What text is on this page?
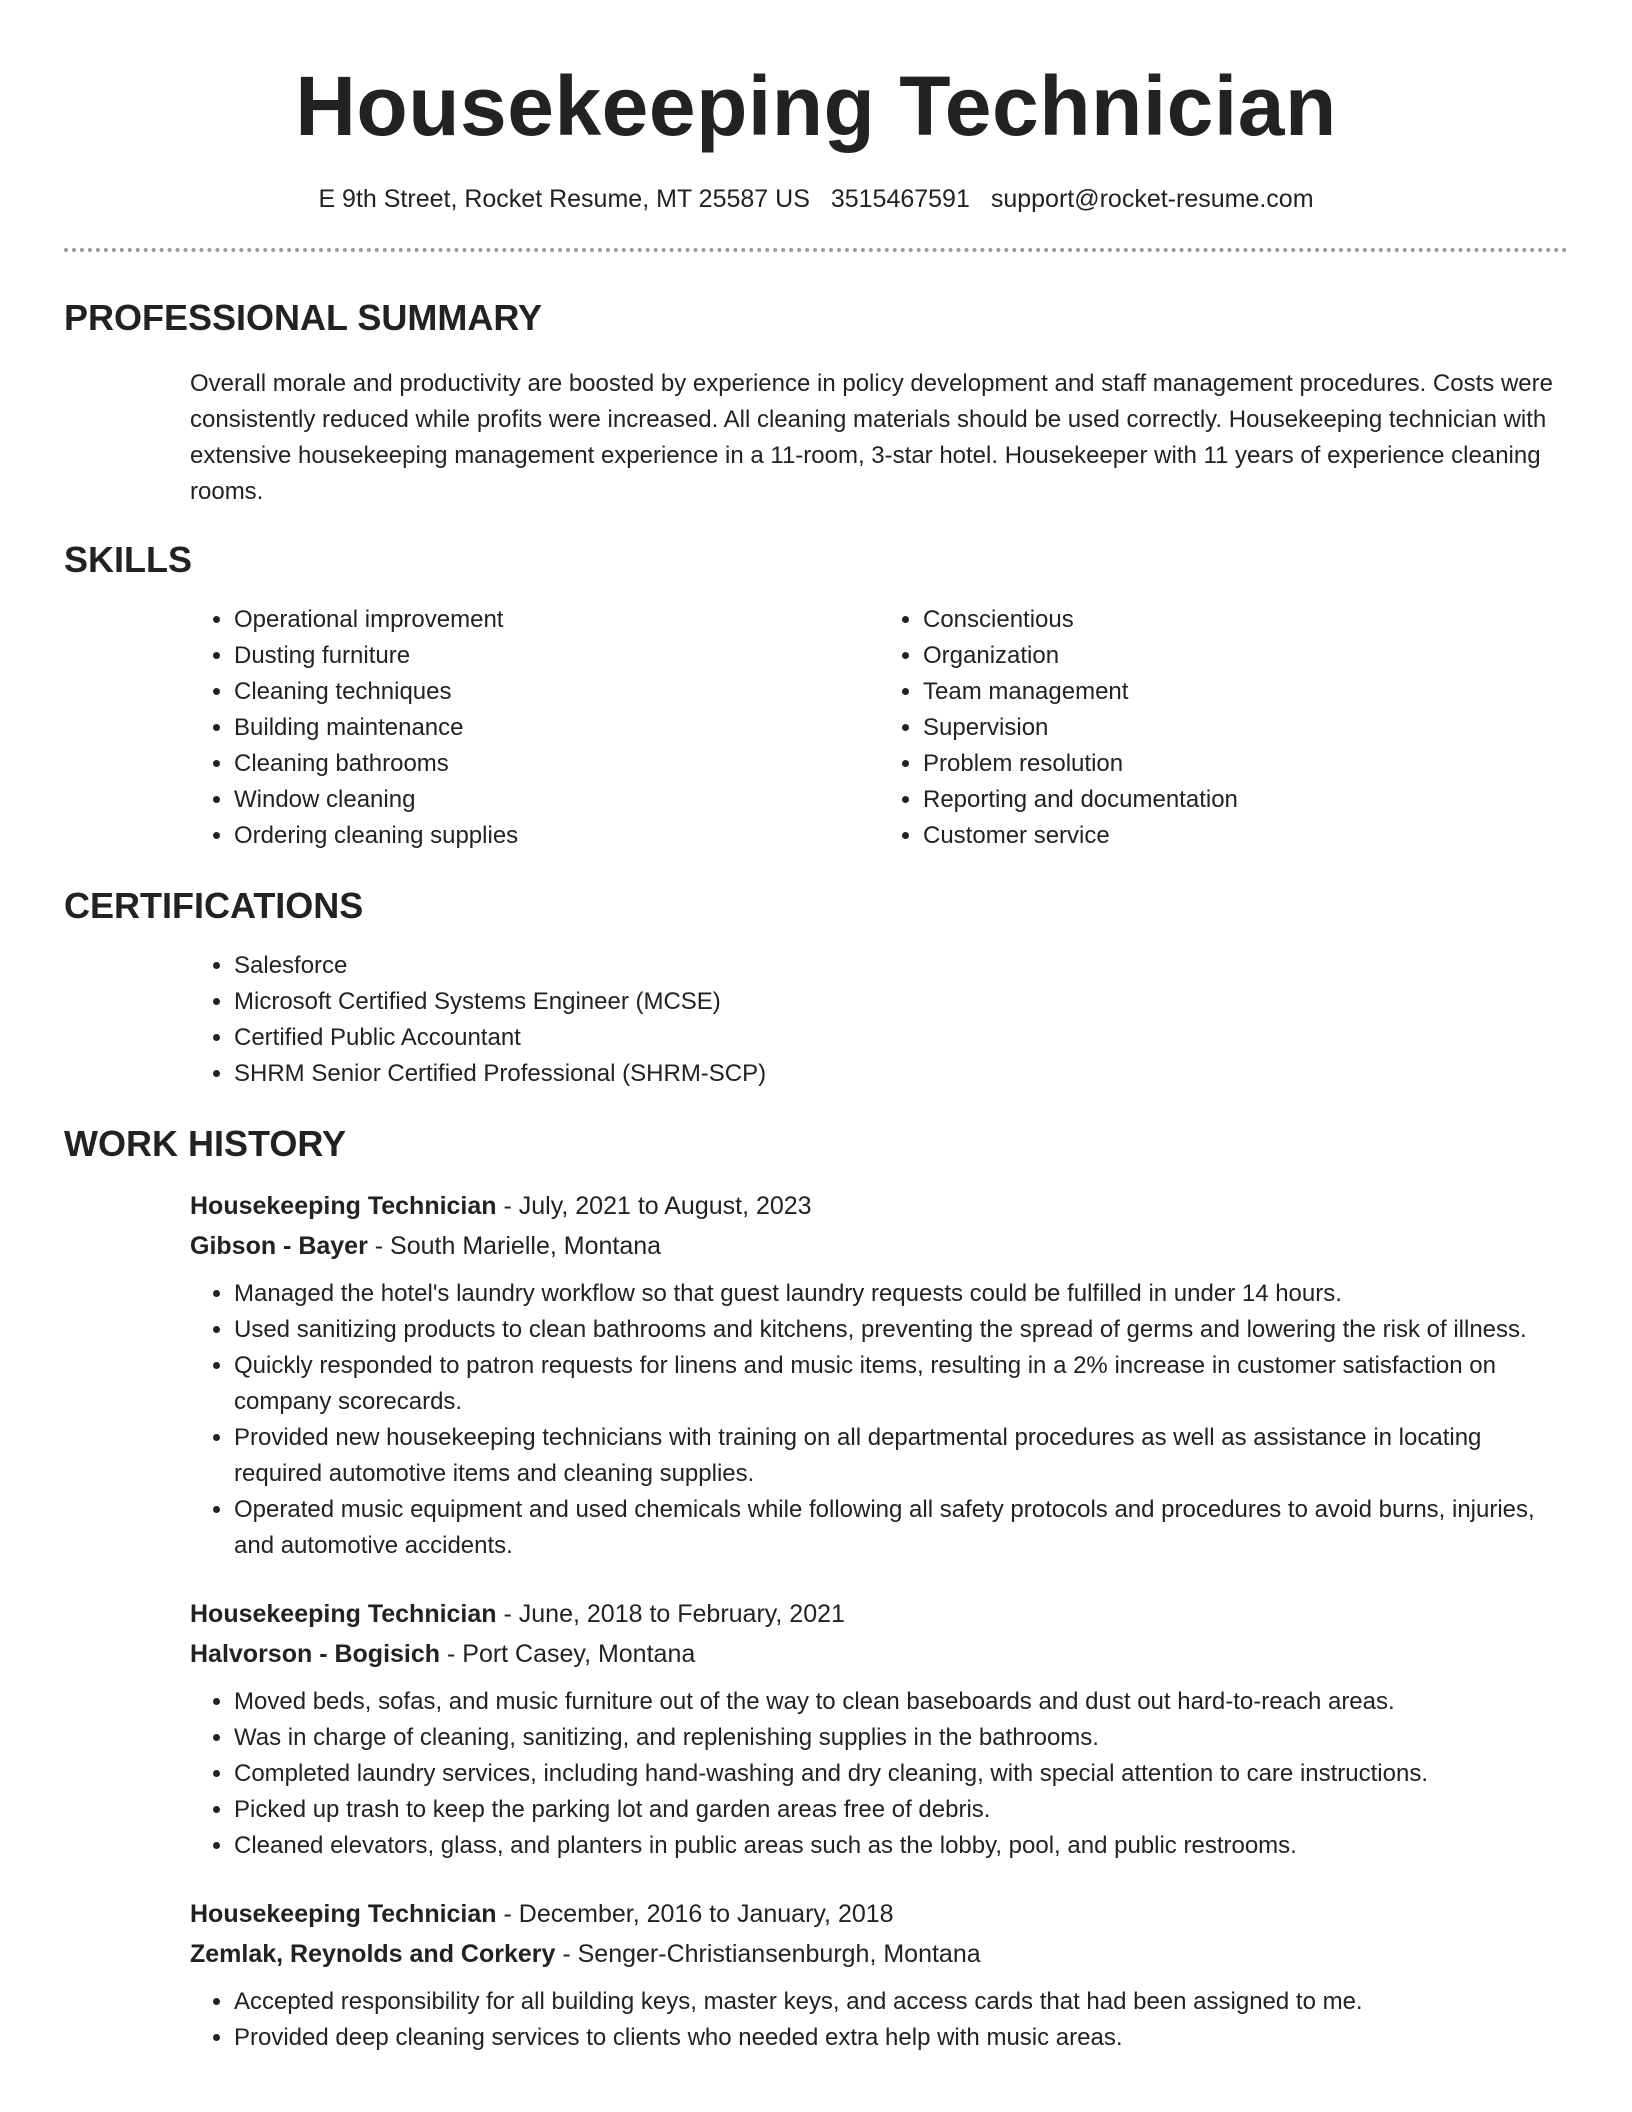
Housekeeping Technician
E 9th Street, Rocket Resume, MT 25587 US 3515467591 support@rocket-resume.com
PROFESSIONAL SUMMARY

Overall morale and productivity are boosted by experience in policy development and staff management procedures. Costs were consistently reduced while profits were increased. All cleaning materials should be used correctly. Housekeeping technician with extensive housekeeping management experience in a 11-room, 3-star hotel. Housekeeper with 11 years of experience cleaning rooms.

SKILLS
• Operational improvement
• Dusting furniture
• Cleaning techniques
• Building maintenance
• Cleaning bathrooms
• Window cleaning
• Ordering cleaning supplies
• Conscientious
• Organization
• Team management
• Supervision
• Problem resolution
• Reporting and documentation
• Customer service
CERTIFICATIONS
• Salesforce
• Microsoft Certified Systems Engineer (MCSE)
• Certified Public Accountant
• SHRM Senior Certified Professional (SHRM-SCP)
WORK HISTORY
Housekeeping Technician - July, 2021 to August, 2023
Gibson - Bayer - South Marielle, Montana
• Managed the hotel's laundry workflow so that guest laundry requests could be fulfilled in under 14 hours.
• Used sanitizing products to clean bathrooms and kitchens, preventing the spread of germs and lowering the risk of illness.
• Quickly responded to patron requests for linens and music items, resulting in a 2% increase in customer satisfaction on company scorecards.
• Provided new housekeeping technicians with training on all departmental procedures as well as assistance in locating required automotive items and cleaning supplies.
• Operated music equipment and used chemicals while following all safety protocols and procedures to avoid burns, injuries, and automotive accidents.
Housekeeping Technician - June, 2018 to February, 2021
Halvorson - Bogisich - Port Casey, Montana
• Moved beds, sofas, and music furniture out of the way to clean baseboards and dust out hard-to-reach areas.
• Was in charge of cleaning, sanitizing, and replenishing supplies in the bathrooms.
• Completed laundry services, including hand-washing and dry cleaning, with special attention to care instructions.
• Picked up trash to keep the parking lot and garden areas free of debris.
• Cleaned elevators, glass, and planters in public areas such as the lobby, pool, and public restrooms.
Housekeeping Technician - December, 2016 to January, 2018
Zemlak, Reynolds and Corkery - Senger-Christiansenburgh, Montana
• Accepted responsibility for all building keys, master keys, and access cards that had been assigned to me.
• Provided deep cleaning services to clients who needed extra help with music areas.
